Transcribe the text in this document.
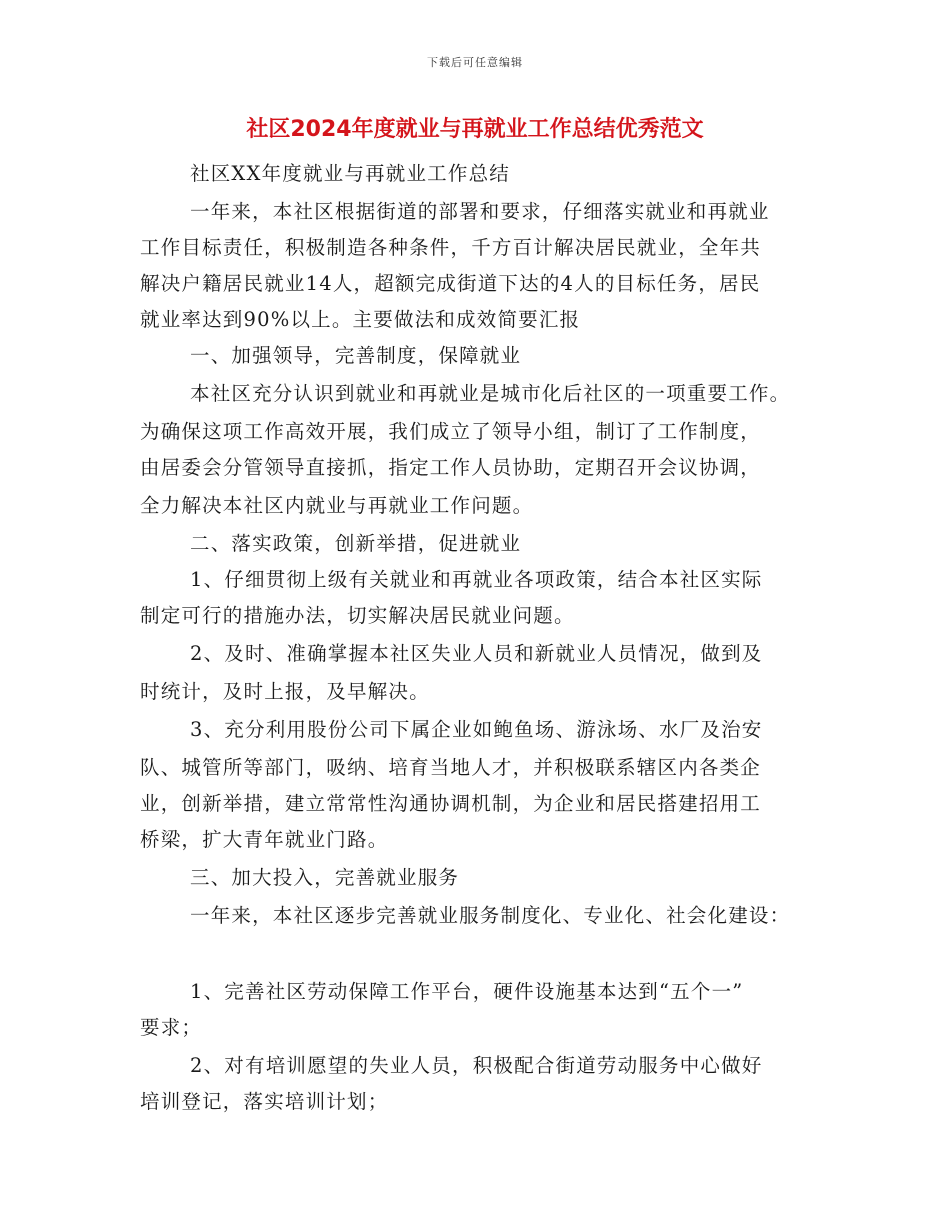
下载后可任意编辑
社区2024年度就业与再就业工作总结优秀范文
社区XX年度就业与再就业工作总结
一年来，本社区根据街道的部署和要求，仔细落实就业和再就业
工作目标责任，积极制造各种条件，千方百计解决居民就业，全年共
解决户籍居民就业14人，超额完成街道下达的4人的目标任务，居民
就业率达到90%以上。主要做法和成效简要汇报
一、加强领导，完善制度，保障就业
本社区充分认识到就业和再就业是城市化后社区的一项重要工作。
为确保这项工作高效开展，我们成立了领导小组，制订了工作制度，
由居委会分管领导直接抓，指定工作人员协助，定期召开会议协调，
全力解决本社区内就业与再就业工作问题。
二、落实政策，创新举措，促进就业
1、仔细贯彻上级有关就业和再就业各项政策，结合本社区实际
制定可行的措施办法，切实解决居民就业问题。
2、及时、准确掌握本社区失业人员和新就业人员情况，做到及
时统计，及时上报，及早解决。
3、充分利用股份公司下属企业如鲍鱼场、游泳场、水厂及治安
队、城管所等部门，吸纳、培育当地人才，并积极联系辖区内各类企
业，创新举措，建立常常性沟通协调机制，为企业和居民搭建招用工
桥梁，扩大青年就业门路。
三、加大投入，完善就业服务
一年来，本社区逐步完善就业服务制度化、专业化、社会化建设：
1、完善社区劳动保障工作平台，硬件设施基本达到“五个一”
要求；
2、对有培训愿望的失业人员，积极配合街道劳动服务中心做好
培训登记，落实培训计划；
